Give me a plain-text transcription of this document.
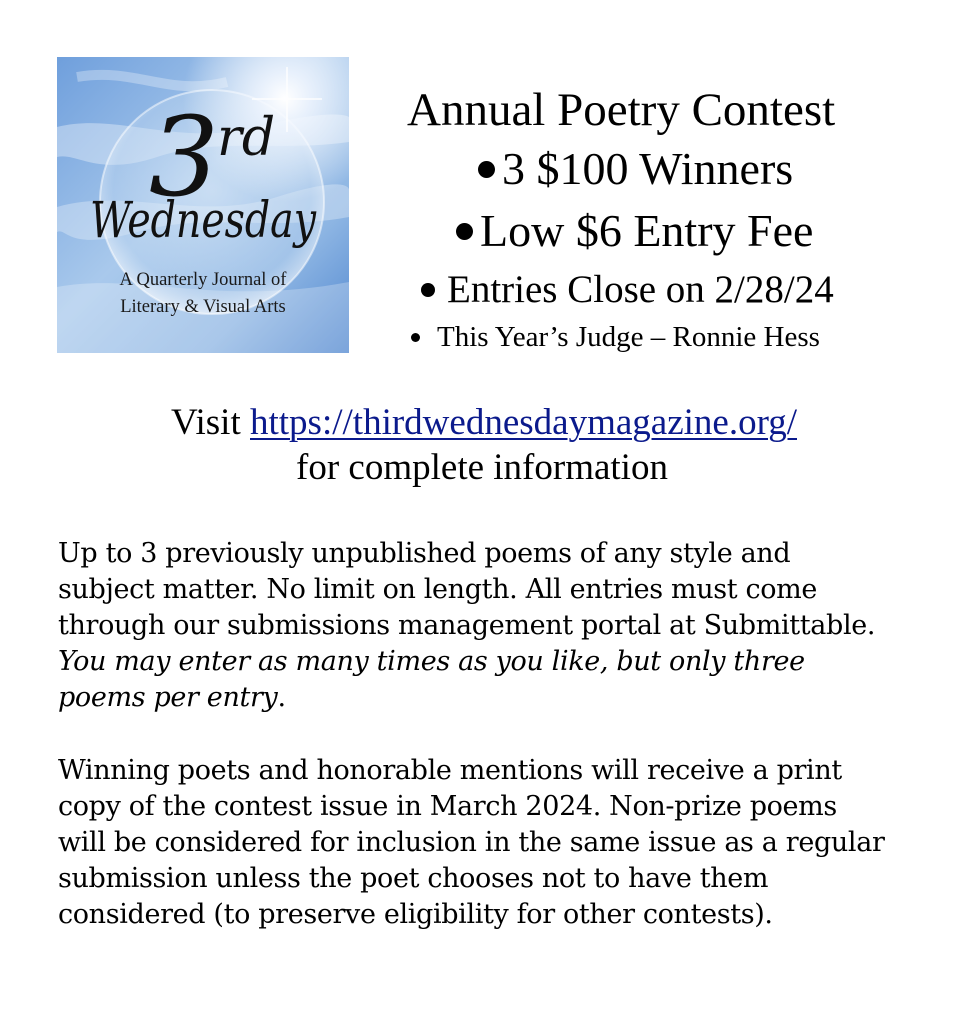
3
rd
Wednesday
A Quarterly Journal of
Literary & Visual Arts
Annual Poetry Contest
3 $100 Winners
Low $6 Entry Fee
Entries Close on 2/28/24
This Year’s Judge – Ronnie Hess
Visit https://thirdwednesdaymagazine.org/
for complete information

Up to 3 previously unpublished poems of any style and
subject matter. No limit on length. All entries must come
through our submissions management portal at Submittable.
You may enter as many times as you like, but only three
poems per entry.

Winning poets and honorable mentions will receive a print
copy of the contest issue in March 2024. Non-prize poems
will be considered for inclusion in the same issue as a regular
submission unless the poet chooses not to have them
considered (to preserve eligibility for other contests).
